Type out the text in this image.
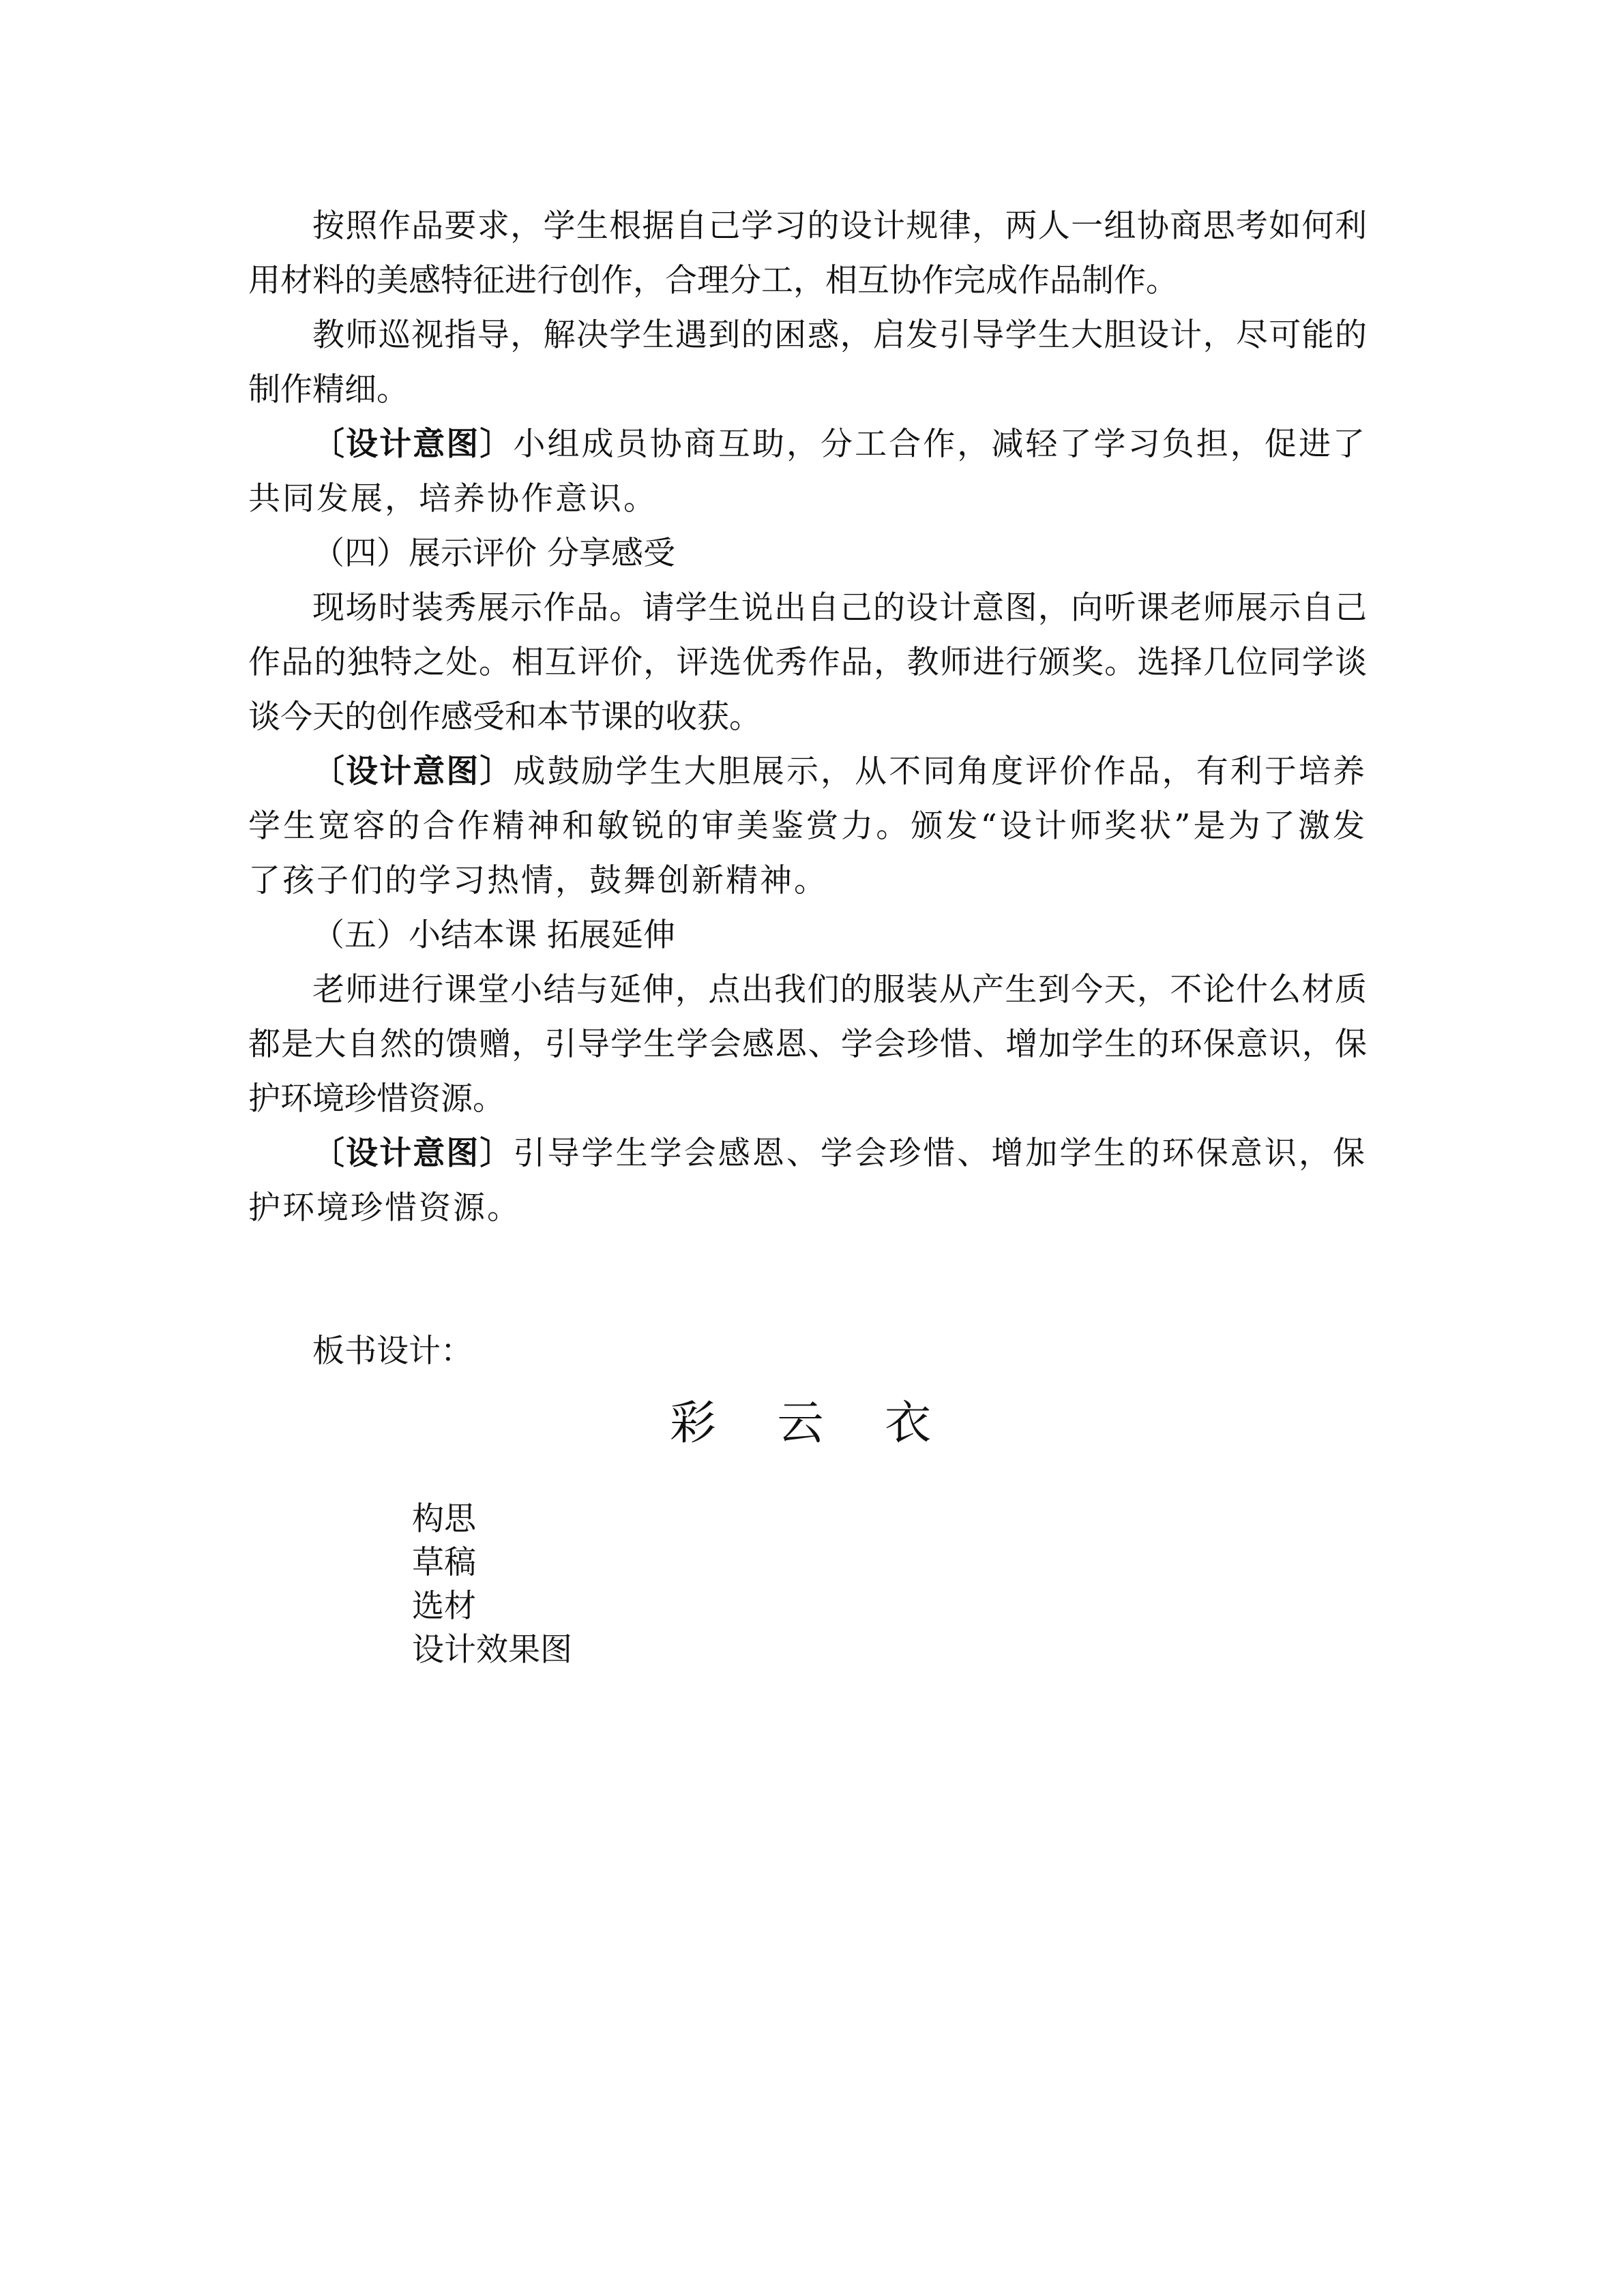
按照作品要求，学生根据自己学习的设计规律，两人一组协商思考如何利用材料的美感特征进行创作，合理分工，相互协作完成作品制作。

教师巡视指导，解决学生遇到的困惑，启发引导学生大胆设计，尽可能的制作精细。

〔设计意图〕小组成员协商互助，分工合作，减轻了学习负担，促进了共同发展，培养协作意识。

（四）展示评价 分享感受

现场时装秀展示作品。请学生说出自己的设计意图，向听课老师展示自己作品的独特之处。相互评价，评选优秀作品，教师进行颁奖。选择几位同学谈谈今天的创作感受和本节课的收获。

〔设计意图〕成鼓励学生大胆展示，从不同角度评价作品，有利于培养学生宽容的合作精神和敏锐的审美鉴赏力。颁发“设计师奖状”是为了激发了孩子们的学习热情，鼓舞创新精神。

（五）小结本课 拓展延伸

老师进行课堂小结与延伸，点出我们的服装从产生到今天，不论什么材质都是大自然的馈赠，引导学生学会感恩、学会珍惜、增加学生的环保意识，保护环境珍惜资源。

〔设计意图〕引导学生学会感恩、学会珍惜、增加学生的环保意识，保护环境珍惜资源。

板书设计：
彩 云 衣
构思
草稿
选材
设计效果图
